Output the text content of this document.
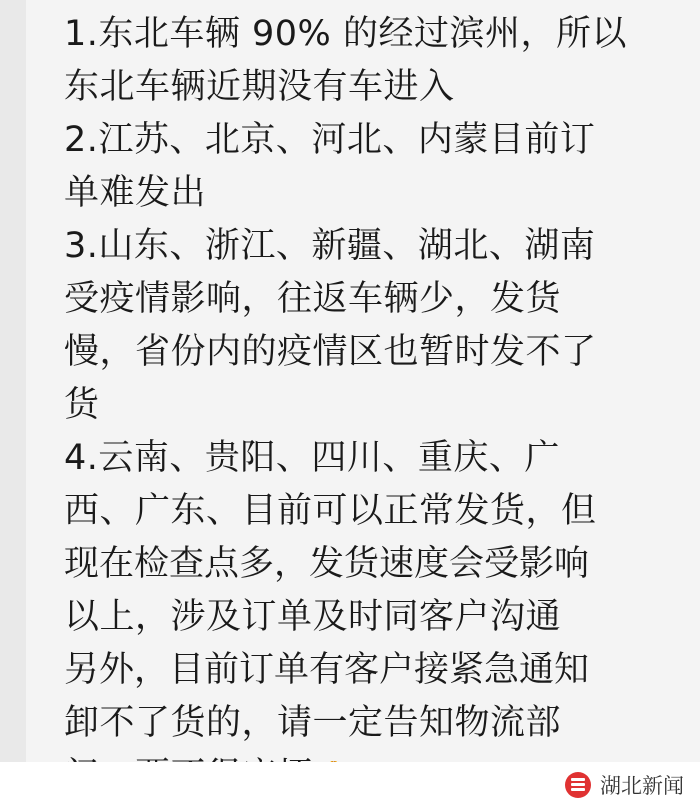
1.东北车辆 90% 的经过滨州，所以
东北车辆近期没有车进入
2.江苏、北京、河北、内蒙目前订
单难发出
3.山东、浙江、新疆、湖北、湖南
受疫情影响，往返车辆少，发货
慢，省份内的疫情区也暂时发不了
货
4.云南、贵阳、四川、重庆、广
西、广东、目前可以正常发货，但
现在检查点多，发货速度会受影响
以上，涉及订单及时同客户沟通
另外，目前订单有客户接紧急通知
卸不了货的，请一定告知物流部
湖北新闻
